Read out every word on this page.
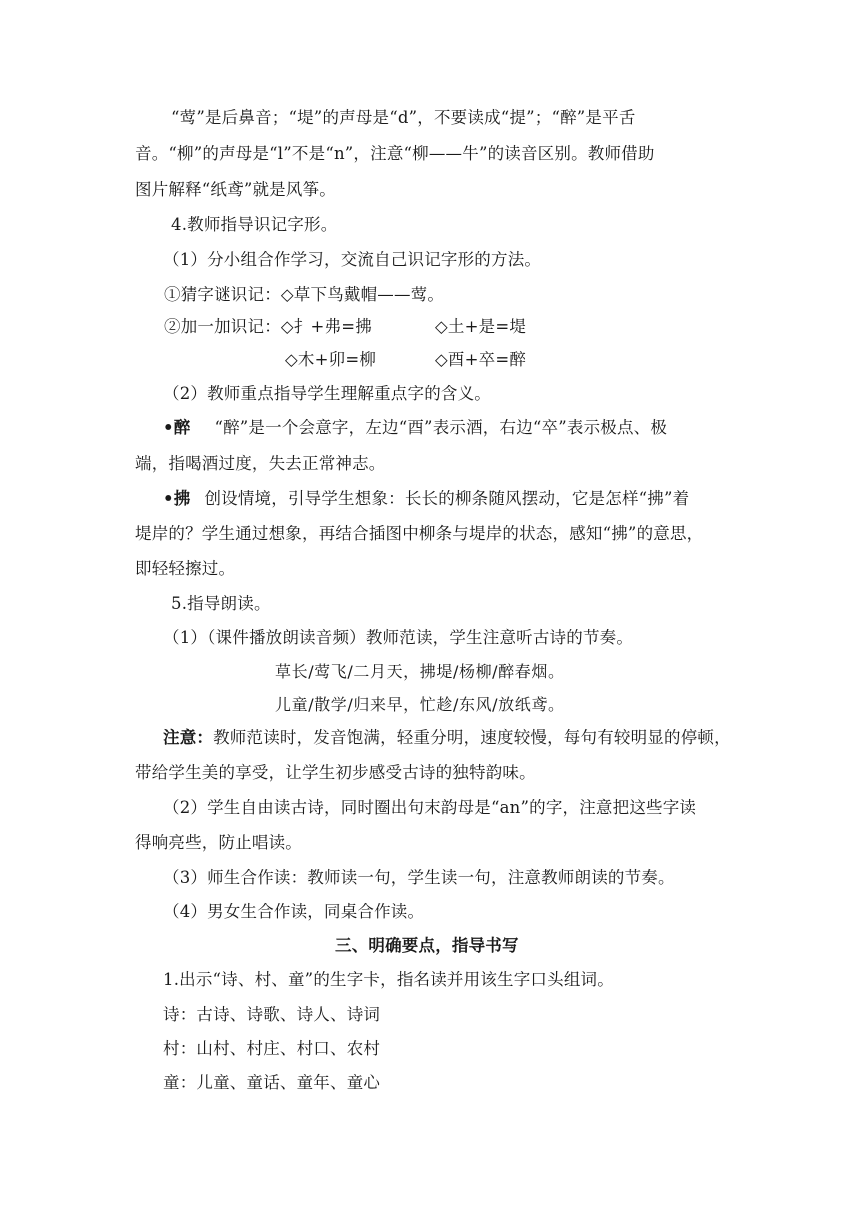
“莺”是后鼻音；“堤”的声母是“d”，不要读成“提”；“醉”是平舌
音。“柳”的声母是“l”不是“n”，注意“柳——牛”的读音区别。教师借助
图片解释“纸鸢”就是风筝。
4.教师指导识记字形。
（1）分小组合作学习，交流自己识记字形的方法。
①猜字谜识记：◇草下鸟戴帽——莺。
②加一加识记：◇扌+弗=拂	◇土+是=堤
◇木+卯=柳	◇酉+卒=醉
（2）教师重点指导学生理解重点字的含义。
•醉 “醉”是一个会意字，左边“酉”表示酒，右边“卒”表示极点、极
端，指喝酒过度，失去正常神志。
•拂 创设情境，引导学生想象：长长的柳条随风摆动，它是怎样“拂”着
堤岸的？学生通过想象，再结合插图中柳条与堤岸的状态，感知“拂”的意思，
即轻轻擦过。
5.指导朗读。
（1）（课件播放朗读音频）教师范读，学生注意听古诗的节奏。
草长/莺飞/二月天，拂堤/杨柳/醉春烟。
儿童/散学/归来早，忙趁/东风/放纸鸢。
注意：教师范读时，发音饱满，轻重分明，速度较慢，每句有较明显的停顿，
带给学生美的享受，让学生初步感受古诗的独特韵味。
（2）学生自由读古诗，同时圈出句末韵母是“an”的字，注意把这些字读
得响亮些，防止唱读。
（3）师生合作读：教师读一句，学生读一句，注意教师朗读的节奏。
（4）男女生合作读，同桌合作读。
三、明确要点，指导书写
1.出示“诗、村、童”的生字卡，指名读并用该生字口头组词。
诗：古诗、诗歌、诗人、诗词
村：山村、村庄、村口、农村
童：儿童、童话、童年、童心
